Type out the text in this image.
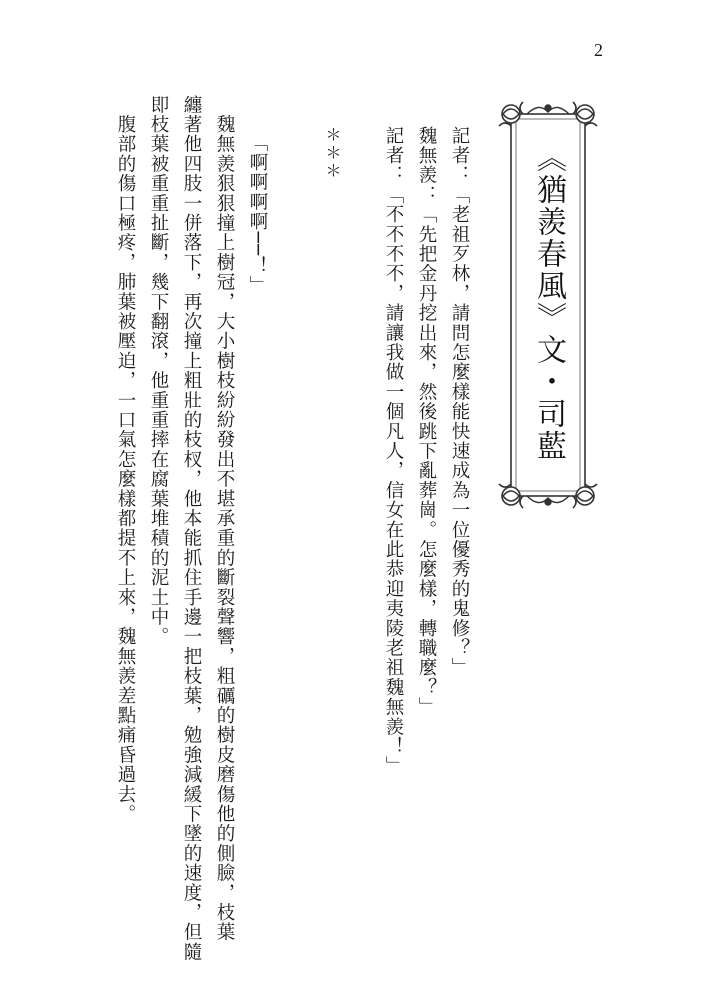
2
《猶羨春風》文・司藍
記者：「老祖歹林，請問怎麼樣能快速成為一位優秀的鬼修？」
魏無羨：「先把金丹挖出來，然後跳下亂葬崗。怎麼樣，轉職麼？」
記者：「不不不不，請讓我做一個凡人，信女在此恭迎夷陵老祖魏無羨！」
＊＊＊
「啊啊啊啊──！」
　魏無羨狠狠撞上樹冠，大小樹枝紛紛發出不堪承重的斷裂聲響，粗礪的樹皮磨傷他的側臉，枝葉
纏著他四肢一併落下，再次撞上粗壯的枝杈，他本能抓住手邊一把枝葉，勉強減緩下墜的速度，但隨
即枝葉被重重扯斷，幾下翻滾，他重重摔在腐葉堆積的泥土中。
　腹部的傷口極疼，肺葉被壓迫，一口氣怎麼樣都提不上來，魏無羨差點痛昏過去。
